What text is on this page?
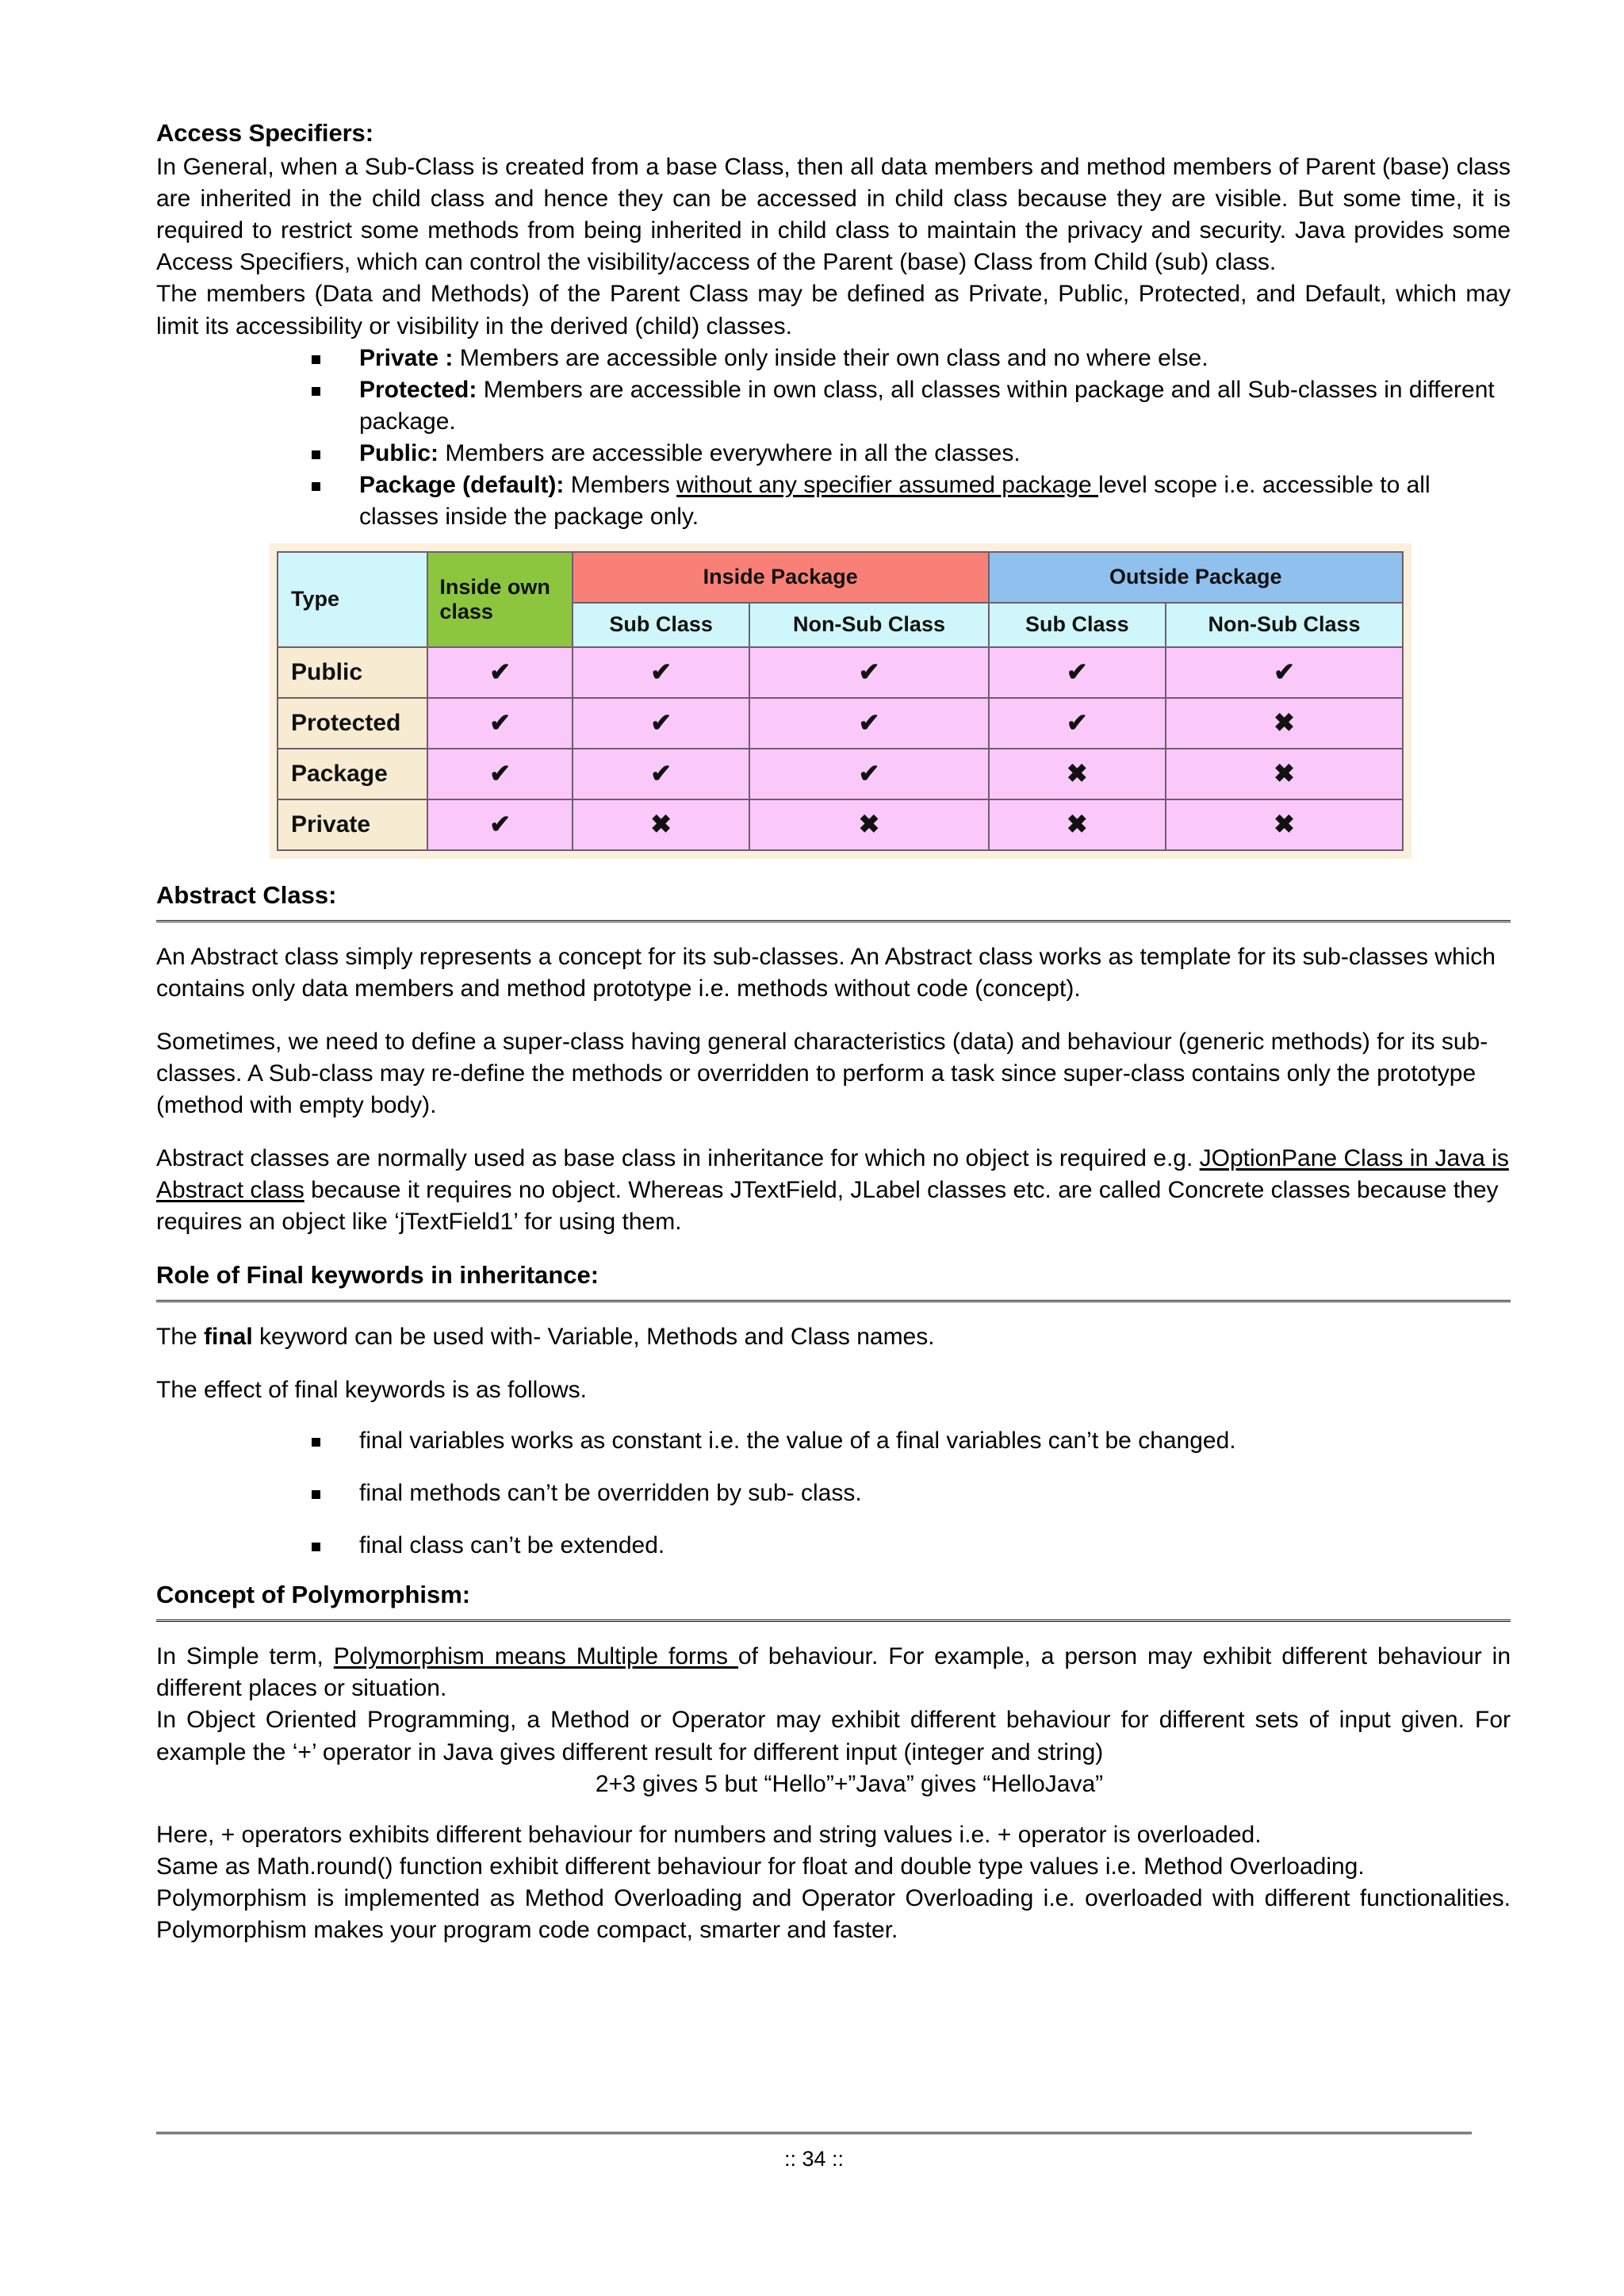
Access Specifiers:

In General, when a Sub-Class is created from a base Class, then all data members and method members of Parent (base) class are inherited in the child class and hence they can be accessed in child class because they are visible. But some time, it is required to restrict some methods from being inherited in child class to maintain the privacy and security. Java provides some Access Specifiers, which can control the visibility/access of the Parent (base) Class from Child (sub) class.

The members (Data and Methods) of the Parent Class may be defined as Private, Public, Protected, and Default, which may limit its accessibility or visibility in the derived (child) classes.

Private : Members are accessible only inside their own class and no where else.
Protected: Members are accessible in own class, all classes within package and all Sub-classes in different package.
Public: Members are accessible everywhere in all the classes.
Package (default): Members without any specifier assumed package level scope i.e. accessible to all classes inside the package only.
Type	Inside own class	Inside Package		Outside Package	
		Sub Class	Non-Sub Class	Sub Class	Non-Sub Class
Public	✔	✔	✔	✔	✔
Protected	✔	✔	✔	✔	✖
Package	✔	✔	✔	✖	✖
Private	✔	✖	✖	✖	✖
Abstract Class:

An Abstract class simply represents a concept for its sub-classes. An Abstract class works as template for its sub-classes which contains only data members and method prototype i.e. methods without code (concept).

Sometimes, we need to define a super-class having general characteristics (data) and behaviour (generic methods) for its sub-classes. A Sub-class may re-define the methods or overridden to perform a task since super-class contains only the prototype (method with empty body).

Abstract classes are normally used as base class in inheritance for which no object is required e.g. JOptionPane Class in Java is Abstract class because it requires no object. Whereas JTextField, JLabel classes etc. are called Concrete classes because they requires an object like ‘jTextField1’ for using them.

Role of Final keywords in inheritance:

The final keyword can be used with- Variable, Methods and Class names.

The effect of final keywords is as follows.

final variables works as constant i.e. the value of a final variables can’t be changed.
final methods can’t be overridden by sub- class.
final class can’t be extended.
Concept of Polymorphism:

In Simple term, Polymorphism means Multiple forms of behaviour. For example, a person may exhibit different behaviour in different places or situation.

In Object Oriented Programming, a Method or Operator may exhibit different behaviour for different sets of input given. For example the ‘+’ operator in Java gives different result for different input (integer and string)

2+3 gives 5 but “Hello”+”Java” gives “HelloJava”

Here, + operators exhibits different behaviour for numbers and string values i.e. + operator is overloaded.

Same as Math.round() function exhibit different behaviour for float and double type values i.e. Method Overloading.

Polymorphism is implemented as Method Overloading and Operator Overloading i.e. overloaded with different functionalities. Polymorphism makes your program code compact, smarter and faster.

:: 34 ::
